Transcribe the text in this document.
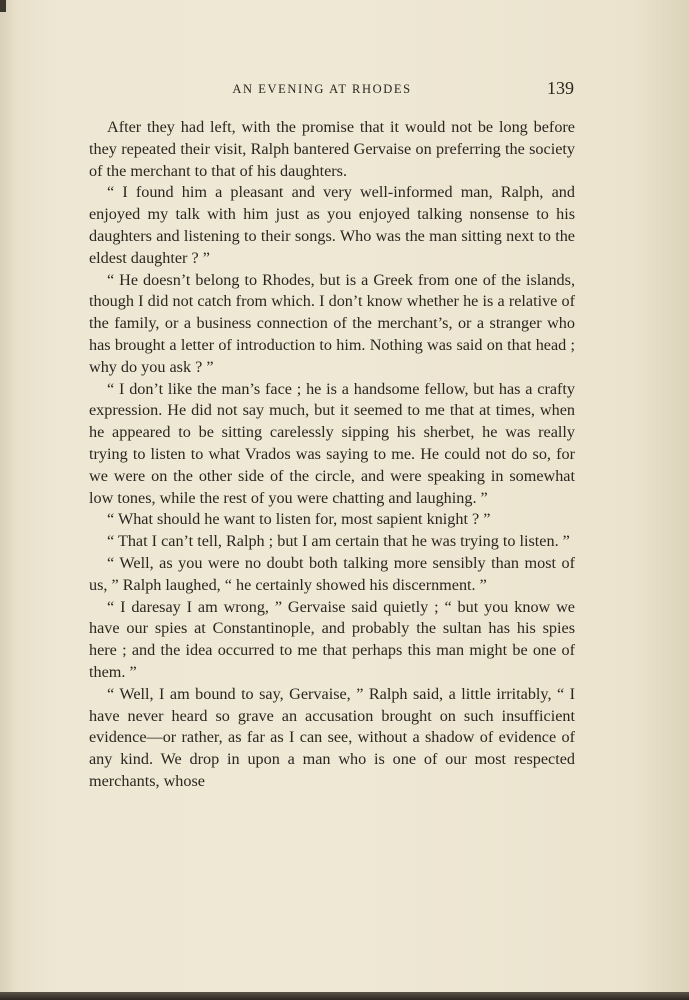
AN EVENING AT RHODES	139

After they had left, with the promise that it would not be long before they repeated their visit, Ralph bantered Gervaise on preferring the society of the merchant to that of his daughters.

“ I found him a pleasant and very well-informed man, Ralph, and enjoyed my talk with him just as you enjoyed talking nonsense to his daughters and listening to their songs. Who was the man sitting next to the eldest daughter ? ”

“ He doesn’t belong to Rhodes, but is a Greek from one of the islands, though I did not catch from which. I don’t know whether he is a relative of the family, or a business connection of the merchant’s, or a stranger who has brought a letter of introduction to him. Nothing was said on that head ; why do you ask ? ”

“ I don’t like the man’s face ; he is a handsome fellow, but has a crafty expression. He did not say much, but it seemed to me that at times, when he appeared to be sitting carelessly sipping his sherbet, he was really trying to listen to what Vrados was saying to me. He could not do so, for we were on the other side of the circle, and were speaking in somewhat low tones, while the rest of you were chatting and laughing. ”

“ What should he want to listen for, most sapient knight ? ”

“ That I can’t tell, Ralph ; but I am certain that he was trying to listen. ”

“ Well, as you were no doubt both talking more sensibly than most of us, ” Ralph laughed, “ he certainly showed his discernment. ”

“ I daresay I am wrong, ” Gervaise said quietly ; “ but you know we have our spies at Constantinople, and probably the sultan has his spies here ; and the idea occurred to me that perhaps this man might be one of them. ”

“ Well, I am bound to say, Gervaise, ” Ralph said, a little irritably, “ I have never heard so grave an accusation brought on such insufficient evidence—or rather, as far as I can see, without a shadow of evidence of any kind. We drop in upon a man who is one of our most respected merchants, whose
